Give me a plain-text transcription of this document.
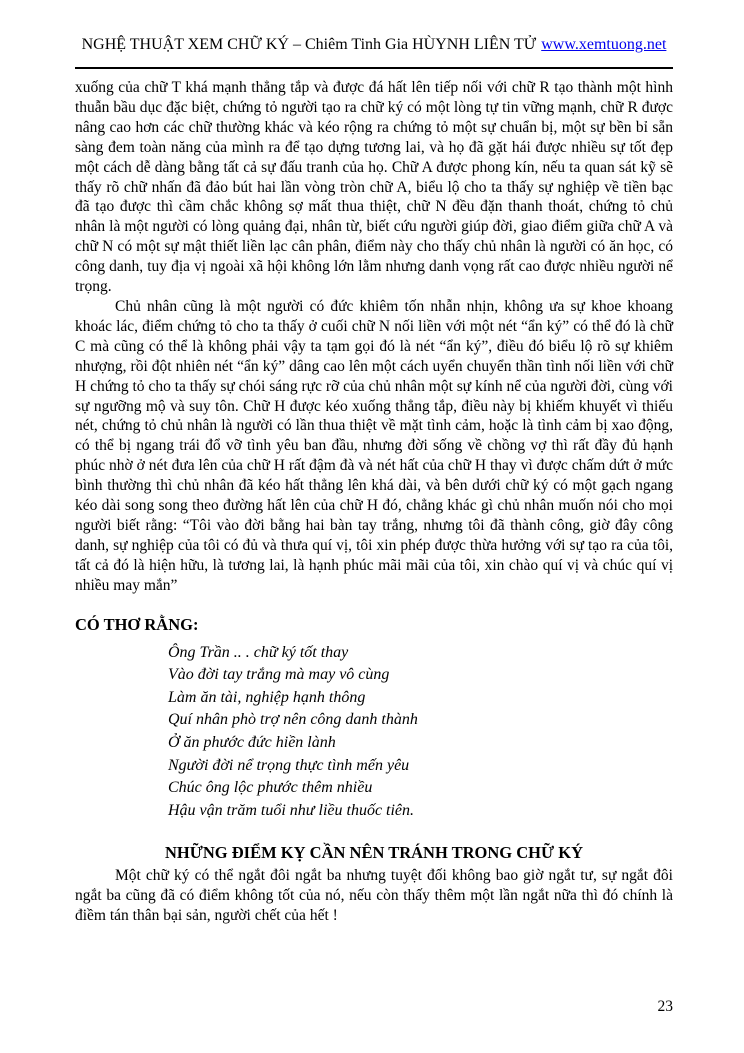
NGHỆ THUẬT XEM CHỮ KÝ – Chiêm Tinh Gia HÙYNH LIÊN TỬ www.xemtuong.net

xuống của chữ T khá mạnh thẳng tắp và được đá hất lên tiếp nối với chữ R tạo thành một hình thuẫn bầu dục đặc biệt, chứng tỏ người tạo ra chữ ký có một lòng tự tin vững mạnh, chữ R được nâng cao hơn các chữ thường khác và kéo rộng ra chứng tỏ một sự chuẩn bị, một sự bền bỉ sẵn sàng đem toàn năng của mình ra để tạo dựng tương lai, và họ đã gặt hái được nhiều sự tốt đẹp một cách dễ dàng bằng tất cả sự đấu tranh của họ. Chữ A được phong kín, nếu ta quan sát kỹ sẽ thấy rõ chữ nhấn đã đảo bút hai lần vòng tròn chữ A, biểu lộ cho ta thấy sự nghiệp về tiền bạc đã tạo được thì cầm chắc không sợ mất thua thiệt, chữ N đều đặn thanh thoát, chứng tỏ chủ nhân là một người có lòng quảng đại, nhân từ, biết cứu người giúp đời, giao điểm giữa chữ A và chữ N có một sự mật thiết liền lạc cân phân, điểm này cho thấy chủ nhân là người có ăn học, có công danh, tuy địa vị ngoài xã hội không lớn lằm nhưng danh vọng rất cao được nhiều người nể trọng.

Chủ nhân cũng là một người có đức khiêm tốn nhẫn nhịn, không ưa sự khoe khoang khoác lác, điểm chứng tỏ cho ta thấy ở cuối chữ N nối liền với một nét “ẩn ký” có thể đó là chữ C mà cũng có thể là không phải vậy ta tạm gọi đó là nét “ẩn ký”, điều đó biểu lộ rõ sự khiêm nhượng, rồi đột nhiên nét “ẩn ký” dâng cao lên một cách uyển chuyển thần tình nối liền với chữ H chứng tỏ cho ta thấy sự chói sáng rực rỡ của chủ nhân một sự kính nể của người đời, cùng với sự ngưỡng mộ và suy tôn. Chữ H được kéo xuống thẳng tắp, điều này bị khiếm khuyết vì thiếu nét, chứng tỏ chủ nhân là người có lần thua thiệt về mặt tình cảm, hoặc là tình cảm bị xao động, có thể bị ngang trái đổ vỡ tình yêu ban đầu, nhưng đời sống về chồng vợ thì rất đầy đủ hạnh phúc nhờ ở nét đưa lên của chữ H rất đậm đà và nét hất của chữ H thay vì được chấm dứt ở mức bình thường thì chủ nhân đã kéo hất thẳng lên khá dài, và bên dưới chữ ký có một gạch ngang kéo dài song song theo đường hất lên của chữ H đó, chẳng khác gì chủ nhân muốn nói cho mọi người biết rằng: “Tôi vào đời bằng hai bàn tay trắng, nhưng tôi đã thành công, giờ đây công danh, sự nghiệp của tôi có đủ và thưa quí vị, tôi xin phép được thừa hưởng với sự tạo ra của tôi, tất cả đó là hiện hữu, là tương lai, là hạnh phúc mãi mãi của tôi, xin chào quí vị và chúc quí vị nhiều may mắn”

CÓ THƠ RẰNG:
Ông Trần .. . chữ ký tốt thay
Vào đời tay trắng mà may vô cùng
Làm ăn tài, nghiệp hạnh thông
Quí nhân phò trợ nên công danh thành
Ở ăn phước đức hiền lành
Người đời nể trọng thực tình mến yêu
Chúc ông lộc phước thêm nhiều
Hậu vận trăm tuổi như liều thuốc tiên.
NHỮNG ĐIỂM KỴ CẦN NÊN TRÁNH TRONG CHỮ KÝ

Một chữ ký có thể ngắt đôi ngắt ba nhưng tuyệt đối không bao giờ ngắt tư, sự ngắt đôi ngắt ba cũng đã có điểm không tốt của nó, nếu còn thấy thêm một lần ngắt nữa thì đó chính là điềm tán thân bại sản, người chết của hết !

23
